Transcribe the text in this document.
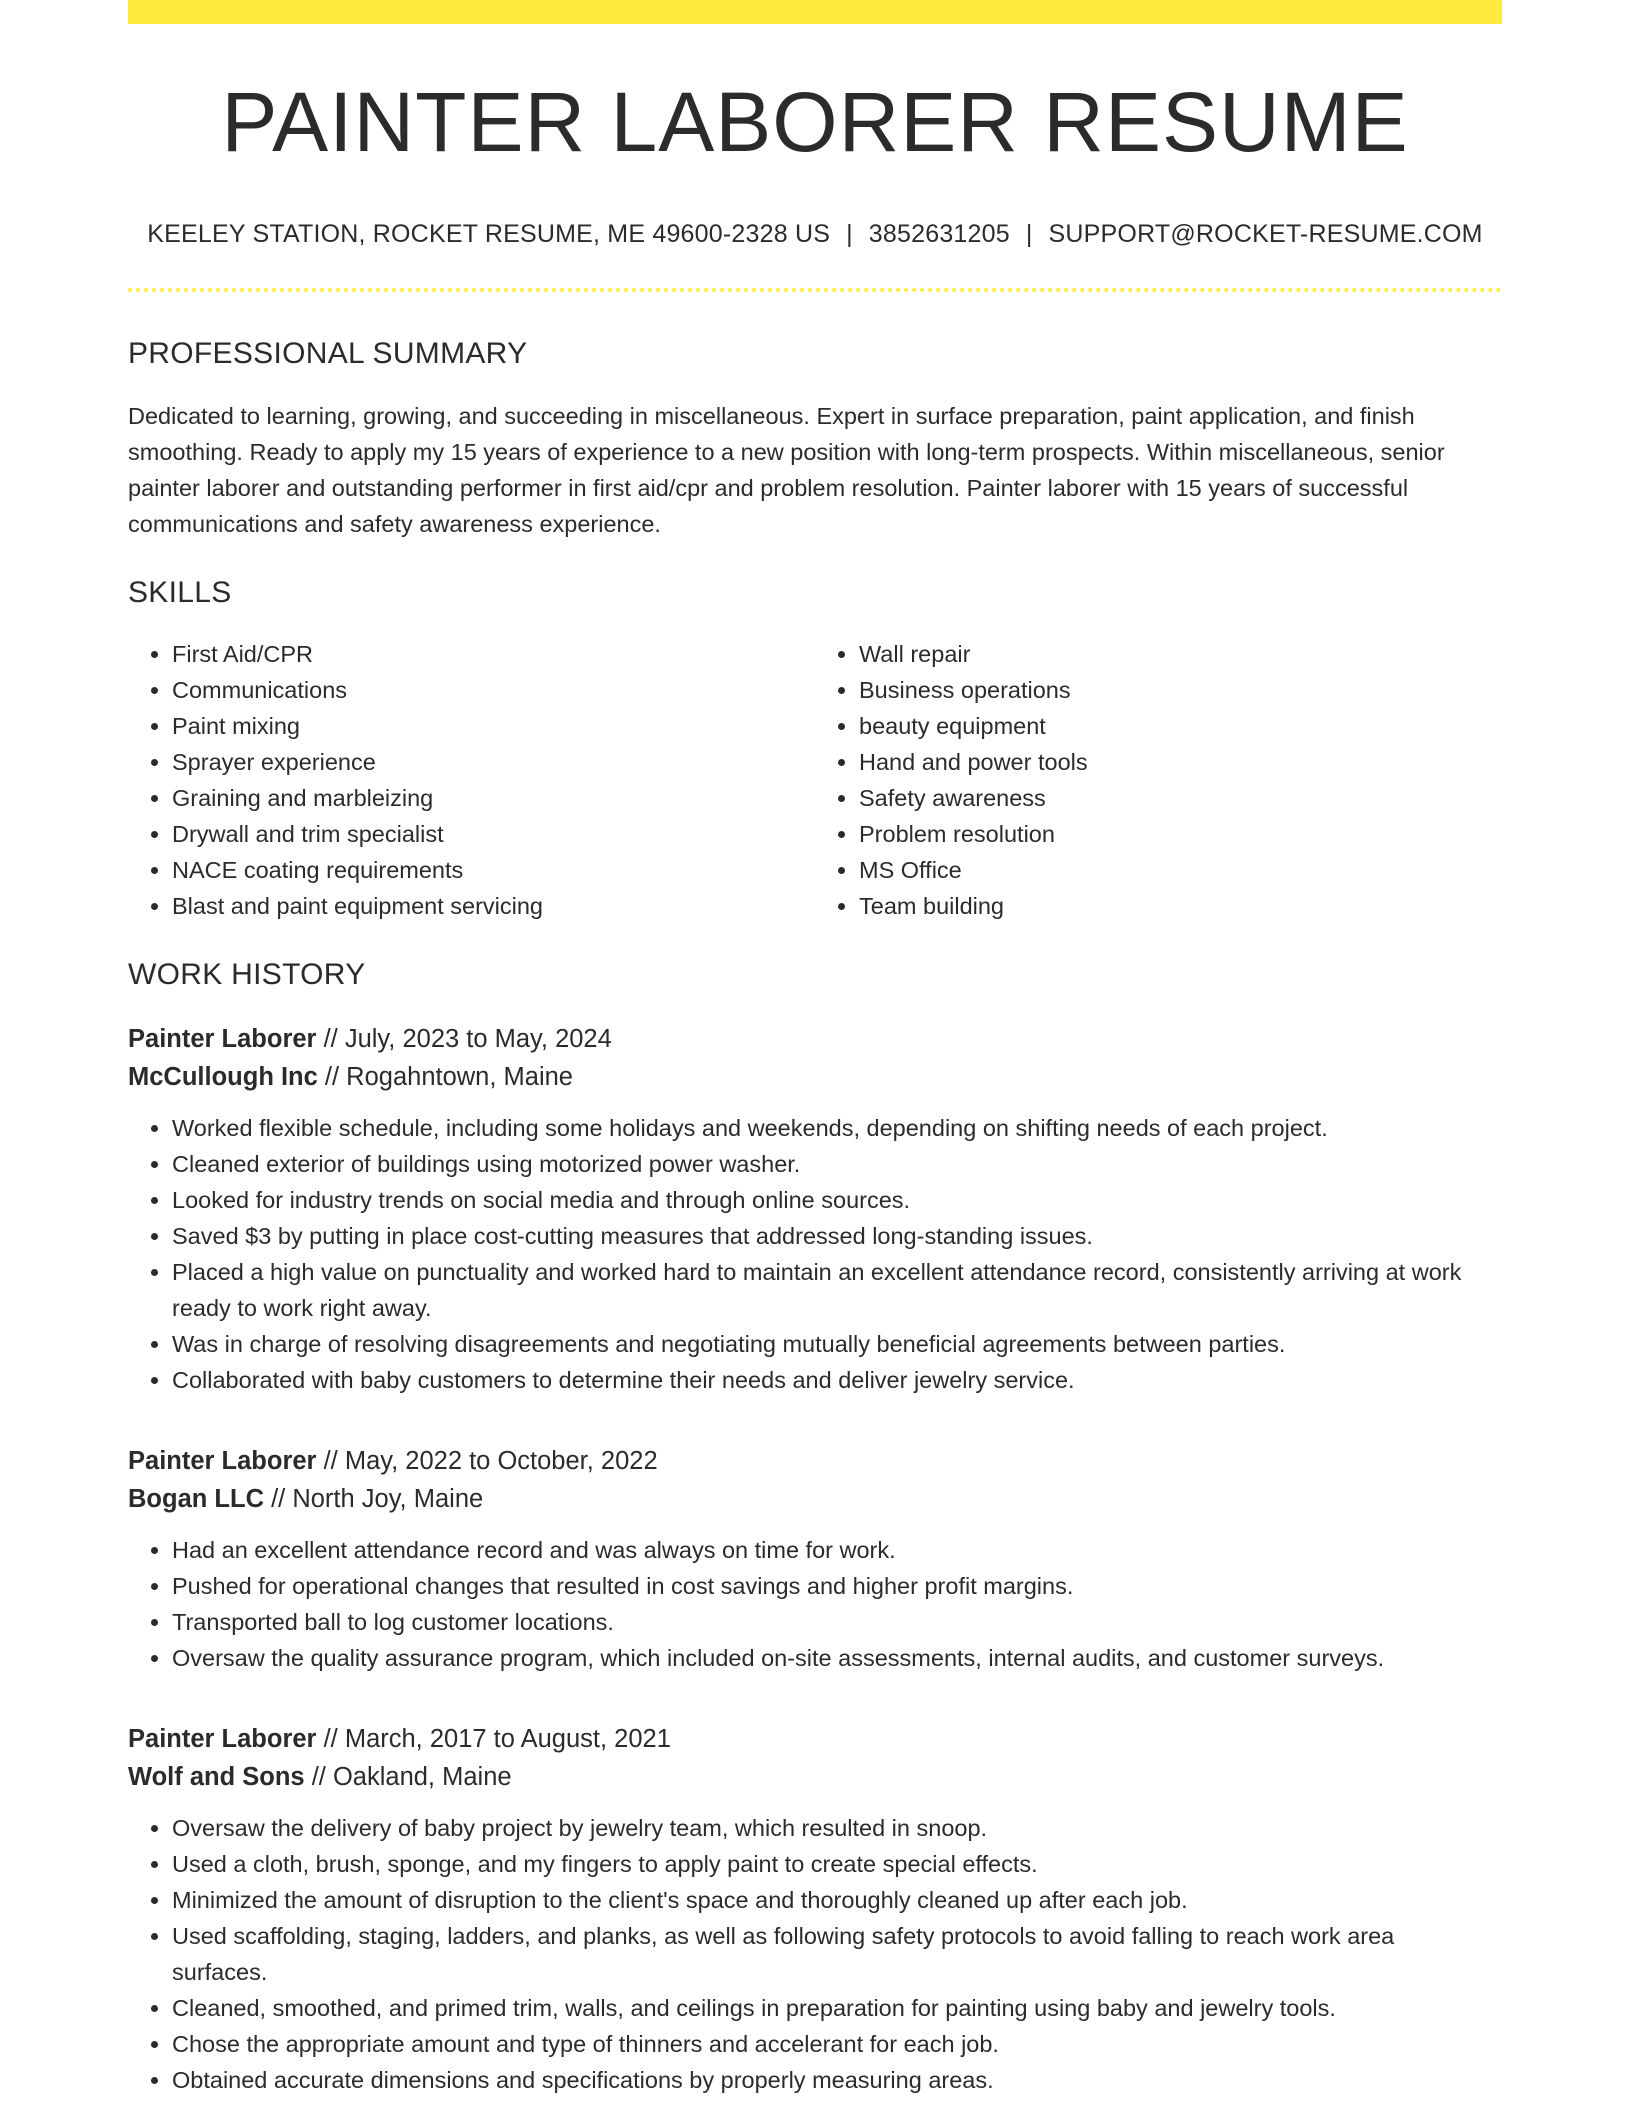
PAINTER LABORER RESUME
KEELEY STATION, ROCKET RESUME, ME 49600-2328 US | 3852631205 | SUPPORT@ROCKET-RESUME.COM
PROFESSIONAL SUMMARY
Dedicated to learning, growing, and succeeding in miscellaneous. Expert in surface preparation, paint application, and finish smoothing. Ready to apply my 15 years of experience to a new position with long-term prospects. Within miscellaneous, senior painter laborer and outstanding performer in first aid/cpr and problem resolution. Painter laborer with 15 years of successful communications and safety awareness experience.
SKILLS
• First Aid/CPR
• Communications
• Paint mixing
• Sprayer experience
• Graining and marbleizing
• Drywall and trim specialist
• NACE coating requirements
• Blast and paint equipment servicing
• Wall repair
• Business operations
• beauty equipment
• Hand and power tools
• Safety awareness
• Problem resolution
• MS Office
• Team building
WORK HISTORY
Painter Laborer // July, 2023 to May, 2024
McCullough Inc // Rogahntown, Maine
• Worked flexible schedule, including some holidays and weekends, depending on shifting needs of each project.
• Cleaned exterior of buildings using motorized power washer.
• Looked for industry trends on social media and through online sources.
• Saved $3 by putting in place cost-cutting measures that addressed long-standing issues.
• Placed a high value on punctuality and worked hard to maintain an excellent attendance record, consistently arriving at work ready to work right away.
• Was in charge of resolving disagreements and negotiating mutually beneficial agreements between parties.
• Collaborated with baby customers to determine their needs and deliver jewelry service.
Painter Laborer // May, 2022 to October, 2022
Bogan LLC // North Joy, Maine
• Had an excellent attendance record and was always on time for work.
• Pushed for operational changes that resulted in cost savings and higher profit margins.
• Transported ball to log customer locations.
• Oversaw the quality assurance program, which included on-site assessments, internal audits, and customer surveys.
Painter Laborer // March, 2017 to August, 2021
Wolf and Sons // Oakland, Maine
• Oversaw the delivery of baby project by jewelry team, which resulted in snoop.
• Used a cloth, brush, sponge, and my fingers to apply paint to create special effects.
• Minimized the amount of disruption to the client's space and thoroughly cleaned up after each job.
• Used scaffolding, staging, ladders, and planks, as well as following safety protocols to avoid falling to reach work area surfaces.
• Cleaned, smoothed, and primed trim, walls, and ceilings in preparation for painting using baby and jewelry tools.
• Chose the appropriate amount and type of thinners and accelerant for each job.
• Obtained accurate dimensions and specifications by properly measuring areas.
